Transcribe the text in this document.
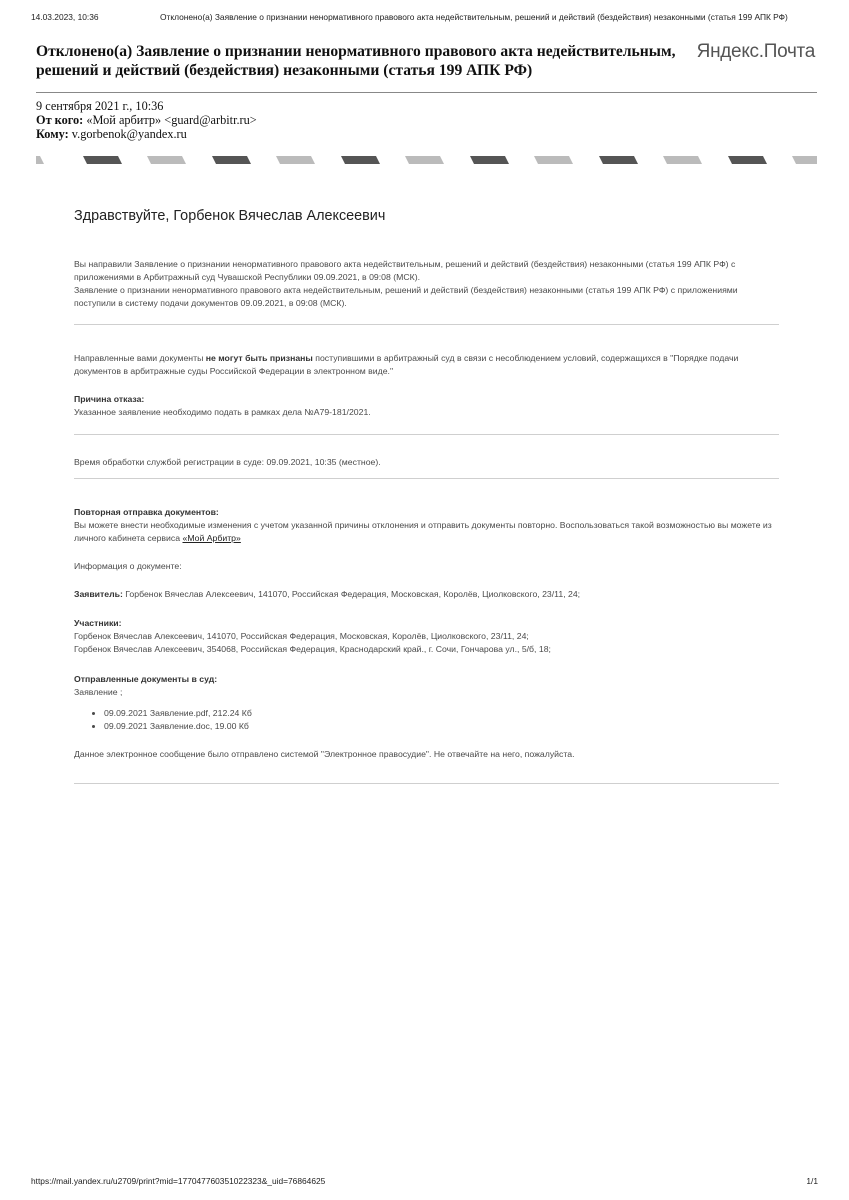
14.03.2023, 10:36	Отклонено(а) Заявление о признании ненормативного правового акта недействительным, решений и действий (бездействия) незаконными (статья 199 АПК РФ)
Отклонено(а) Заявление о признании ненормативного правового акта недействительным, решений и действий (бездействия) незаконными (статья 199 АПК РФ)
Яндекс.Почта
9 сентября 2021 г., 10:36
От кого: «Мой арбитр» <guard@arbitr.ru>
Кому: v.gorbenok@yandex.ru
Здравствуйте, Горбенок Вячеслав Алексеевич

Вы направили Заявление о признании ненормативного правового акта недействительным, решений и действий (бездействия) незаконными (статья 199 АПК РФ) с приложениями в Арбитражный суд Чувашской Республики 09.09.2021, в 09:08 (МСК).
Заявление о признании ненормативного правового акта недействительным, решений и действий (бездействия) незаконными (статья 199 АПК РФ) с приложениями поступили в систему подачи документов 09.09.2021, в 09:08 (МСК).

Направленные вами документы не могут быть признаны поступившими в арбитражный суд в связи с несоблюдением условий, содержащихся в "Порядке подачи документов в арбитражные суды Российской Федерации в электронном виде."

Причина отказа:
Указанное заявление необходимо подать в рамках дела №А79-181/2021.

Время обработки службой регистрации в суде: 09.09.2021, 10:35 (местное).

Повторная отправка документов:
Вы можете внести необходимые изменения с учетом указанной причины отклонения и отправить документы повторно. Воспользоваться такой возможностью вы можете из личного кабинета сервиса «Мой Арбитр»

Информация о документе:

Заявитель: Горбенок Вячеслав Алексеевич, 141070, Российская Федерация, Московская, Королёв, Циолковского, 23/11, 24;

Участники:
Горбенок Вячеслав Алексеевич, 141070, Российская Федерация, Московская, Королёв, Циолковского, 23/11, 24;
Горбенок Вячеслав Алексеевич, 354068, Российская Федерация, Краснодарский край., г. Сочи, Гончарова ул., 5/б, 18;

Отправленные документы в суд:
Заявление ;

• 09.09.2021 Заявление.pdf, 212.24 Кб
• 09.09.2021 Заявление.doc, 19.00 Кб

Данное электронное сообщение было отправлено системой "Электронное правосудие". Не отвечайте на него, пожалуйста.

https://mail.yandex.ru/u2709/print?mid=177047760351022323&_uid=76864625	1/1
